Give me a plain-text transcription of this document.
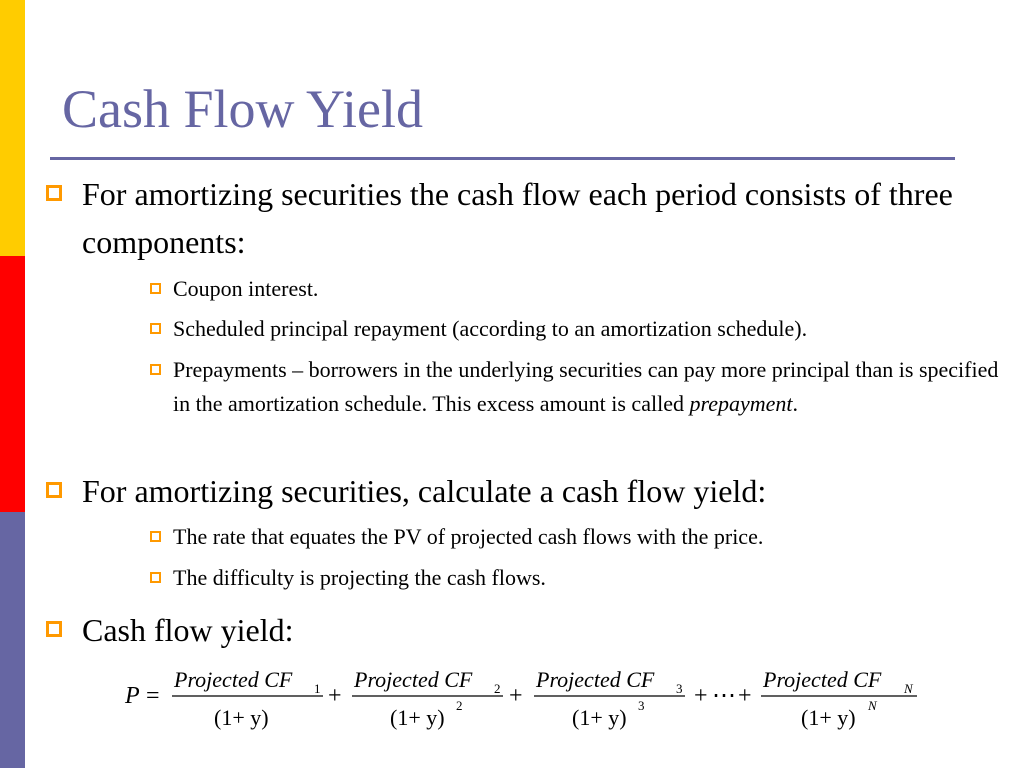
Cash Flow Yield
For amortizing securities the cash flow each period consists of three components:
Coupon interest.
Scheduled principal repayment (according to an amortization schedule).
Prepayments – borrowers in the underlying securities can pay more principal than is specified in the amortization schedule. This excess amount is called prepayment.
For amortizing securities, calculate a cash flow yield:
The rate that equates the PV of projected cash flows with the price.
The difficulty is projecting the cash flows.
Cash flow yield:
P =
Projected CF 1
(1+ y)
+
Projected CF 2
(1+ y) 2 +
Projected CF 3
(1+ y) 3 + ⋯ +
Projected CF N
(1+ y) N
